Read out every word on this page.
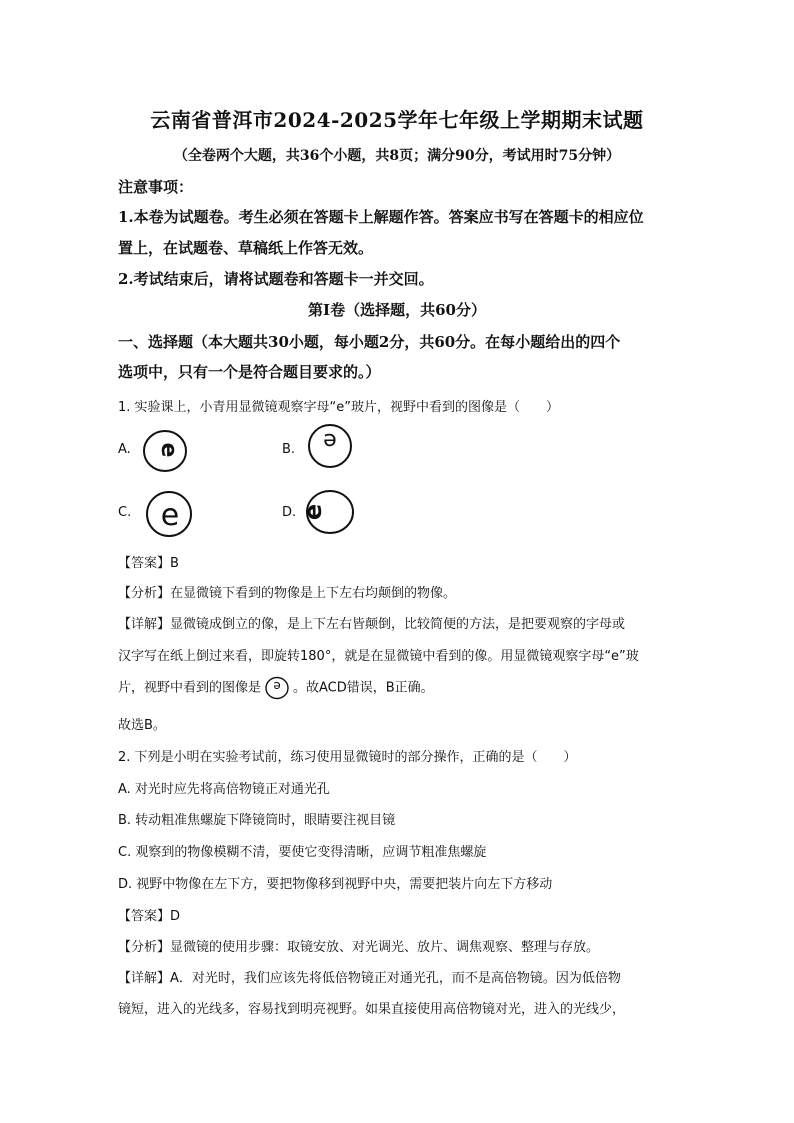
云南省普洱市2024-2025学年七年级上学期期末试题
（全卷两个大题，共36个小题，共8页；满分90分，考试用时75分钟）
注意事项：
1.本卷为试题卷。考生必须在答题卡上解题作答。答案应书写在答题卡的相应位
置上，在试题卷、草稿纸上作答无效。
2.考试结束后，请将试题卷和答题卡一并交回。
第Ⅰ卷（选择题，共60分）
一、选择题（本大题共30小题，每小题2分，共60分。在每小题给出的四个
选项中，只有一个是符合题目要求的。）
1. 实验课上，小青用显微镜观察字母“e”玻片，视野中看到的图像是（　　）
A. e	B. e
C. e	D. e
【答案】B
【分析】在显微镜下看到的物像是上下左右均颠倒的物像。
【详解】显微镜成倒立的像，是上下左右皆颠倒，比较简便的方法，是把要观察的字母或
汉字写在纸上倒过来看，即旋转180°，就是在显微镜中看到的像。用显微镜观察字母“e”玻
片，视野中看到的图像是 e 。故ACD错误，B正确。
故选B。
2. 下列是小明在实验考试前，练习使用显微镜时的部分操作，正确的是（　　）
A. 对光时应先将高倍物镜正对通光孔
B. 转动粗准焦螺旋下降镜筒时，眼睛要注视目镜
C. 观察到的物像模糊不清，要使它变得清晰，应调节粗准焦螺旋
D. 视野中物像在左下方，要把物像移到视野中央，需要把装片向左下方移动
【答案】D
【分析】显微镜的使用步骤：取镜安放、对光调光、放片、调焦观察、整理与存放。
【详解】A．对光时，我们应该先将低倍物镜正对通光孔，而不是高倍物镜。因为低倍物
镜短，进入的光线多，容易找到明亮视野。如果直接使用高倍物镜对光，进入的光线少，
